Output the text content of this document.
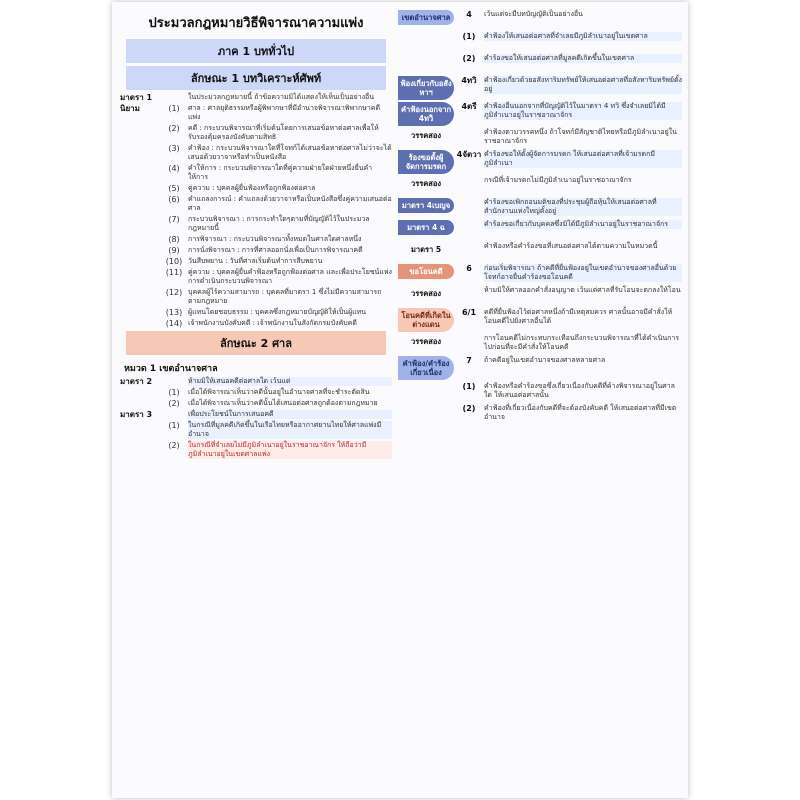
ประมวลกฎหมายวิธีพิจารณาความแพ่ง
ภาค 1 บททั่วไป
ลักษณะ 1 บทวิเคราะห์ศัพท์
มาตรา 1	ในประมวลกฎหมายนี้ ถ้าข้อความมิได้แสดงให้เห็นเป็นอย่างอื่น
นิยาม	(1)	ศาล : ศาลยุติธรรมหรือผู้พิพากษาที่มีอำนาจพิจารณาพิพากษาคดีแพ่ง
(2)	คดี : กระบวนพิจารณาที่เริ่มต้นโดยการเสนอข้อหาต่อศาลเพื่อให้รับรองคุ้มครองบังคับตามสิทธิ
(3)	คำฟ้อง : กระบวนพิจารณาใดที่โจทก์ได้เสนอข้อหาต่อศาลไม่ว่าจะได้เสนอด้วยวาจาหรือทำเป็นหนังสือ
(4)	คำให้การ : กระบวนพิจารณาใดที่คู่ความฝ่ายใดฝ่ายหนึ่งยื่นคำให้การ
(5)	คู่ความ : บุคคลผู้ยื่นฟ้องหรือถูกฟ้องต่อศาล
(6)	คำแถลงการณ์ : คำแถลงด้วยวาจาหรือเป็นหนังสือซึ่งคู่ความเสนอต่อศาล
(7)	กระบวนพิจารณา : การกระทำใดๆตามที่บัญญัติไว้ในประมวลกฎหมายนี้
(8)	การพิจารณา : กระบวนพิจารณาทั้งหมดในศาลใดศาลหนึ่ง
(9)	การนั่งพิจารณา : การที่ศาลออกนั่งเพื่อเป็นการพิจารณาคดี
(10) วันสืบพยาน : วันที่ศาลเริ่มต้นทำการสืบพยาน
(11) คู่ความ : บุคคลผู้ยื่นคำฟ้องหรือถูกฟ้องต่อศาล และเพื่อประโยชน์แห่งการดำเนินกระบวนพิจารณา
(12) บุคคลผู้ไร้ความสามารถ : บุคคลที่มาตรา 1 ซึ่งไม่มีความสามารถตามกฎหมาย
(13) ผู้แทนโดยชอบธรรม : บุคคลซึ่งกฎหมายบัญญัติให้เป็นผู้แทน
(14) เจ้าพนักงานบังคับคดี : เจ้าพนักงานในสังกัดกรมบังคับคดี
ลักษณะ 2 ศาล
หมวด 1 เขตอำนาจศาล
มาตรา 2	ห้ามมิให้เสนอคดีต่อศาลใด เว้นแต่
(1)	เมื่อได้พิจารณาเห็นว่าคดีนั้นอยู่ในอำนาจศาลที่จะชำระตัดสิน
(2)	เมื่อได้พิจารณาเห็นว่าคดีนั้นได้เสนอต่อศาลถูกต้องตามกฎหมาย
มาตรา 3	เพื่อประโยชน์ในการเสนอคดี
(1)	ในกรณีที่มูลคดีเกิดขึ้นในเรือไทยหรืออากาศยานไทยให้ศาลแพ่งมีอำนาจ
(2)	ในกรณีที่จำเลยไม่มีภูมิลำเนาอยู่ในราชอาณาจักร ให้ถือว่ามีภูมิลำเนาอยู่ในเขตศาลแพ่ง
เขตอำนาจศาล	4	เว้นแต่จะมีบทบัญญัติเป็นอย่างอื่น
(1)	คำฟ้องให้เสนอต่อศาลที่จำเลยมีภูมิลำเนาอยู่ในเขตศาล
(2)	คำร้องขอให้เสนอต่อศาลที่มูลคดีเกิดขึ้นในเขตศาล
ฟ้องเกี่ยวกับอสังหาฯ
4ทวิ	คำฟ้องเกี่ยวด้วยอสังหาริมทรัพย์ให้เสนอต่อศาลที่อสังหาริมทรัพย์ตั้งอยู่
คำฟ้องนอกจาก 4ทวิ
4ตรี	คำฟ้องอื่นนอกจากที่บัญญัติไว้ในมาตรา 4 ทวิ ซึ่งจำเลยมิได้มีภูมิลำเนาอยู่ในราชอาณาจักร
วรรคสอง	คำฟ้องตามวรรคหนึ่ง ถ้าโจทก์มีสัญชาติไทยหรือมีภูมิลำเนาอยู่ในราชอาณาจักร
ร้องขอตั้งผู้จัดการมรดก
4จัตวา คำร้องขอให้ตั้งผู้จัดการมรดก ให้เสนอต่อศาลที่เจ้ามรดกมีภูมิลำเนา
วรรคสอง	กรณีที่เจ้ามรดกไม่มีภูมิลำเนาอยู่ในราชอาณาจักร
มาตรา 4เบญจ	คำร้องขอเพิกถอนมติของที่ประชุมผู้ถือหุ้นให้เสนอต่อศาลที่สำนักงานแห่งใหญ่ตั้งอยู่
มาตรา 4 ฉ	คำร้องขอเกี่ยวกับบุคคลซึ่งมิได้มีภูมิลำเนาอยู่ในราชอาณาจักร
มาตรา 5	คำฟ้องหรือคำร้องขอที่เสนอต่อศาลได้ตามความในหมวดนี้
ขอโอนคดี	6	ก่อนเริ่มพิจารณา ถ้าคดีที่ยื่นฟ้องอยู่ในเขตอำนาจของศาลอื่นด้วย โจทก์อาจยื่นคำร้องขอโอนคดี
วรรคสอง	ห้ามมิให้ศาลออกคำสั่งอนุญาต เว้นแต่ศาลที่รับโอนจะตกลงให้โอน
โอนคดีที่เกิดในต่างแดน
6/1	คดีที่ยื่นฟ้องไว้ต่อศาลหนึ่งถ้ามีเหตุสมควร ศาลนั้นอาจมีคำสั่งให้โอนคดีไปยังศาลอื่นได้
วรรคสอง	การโอนคดีไม่กระทบกระเทือนถึงกระบวนพิจารณาที่ได้ดำเนินการไปก่อนที่จะมีคำสั่งให้โอนคดี
คำฟ้อง/คำร้องเกี่ยวเนื่อง
7	ถ้าคดีอยู่ในเขตอำนาจของศาลหลายศาล
(1)	คำฟ้องหรือคำร้องขอซึ่งเกี่ยวเนื่องกับคดีที่ค้างพิจารณาอยู่ในศาลใด ให้เสนอต่อศาลนั้น
(2)	คำฟ้องที่เกี่ยวเนื่องกับคดีที่จะต้องบังคับคดี ให้เสนอต่อศาลที่มีเขตอำนาจ
